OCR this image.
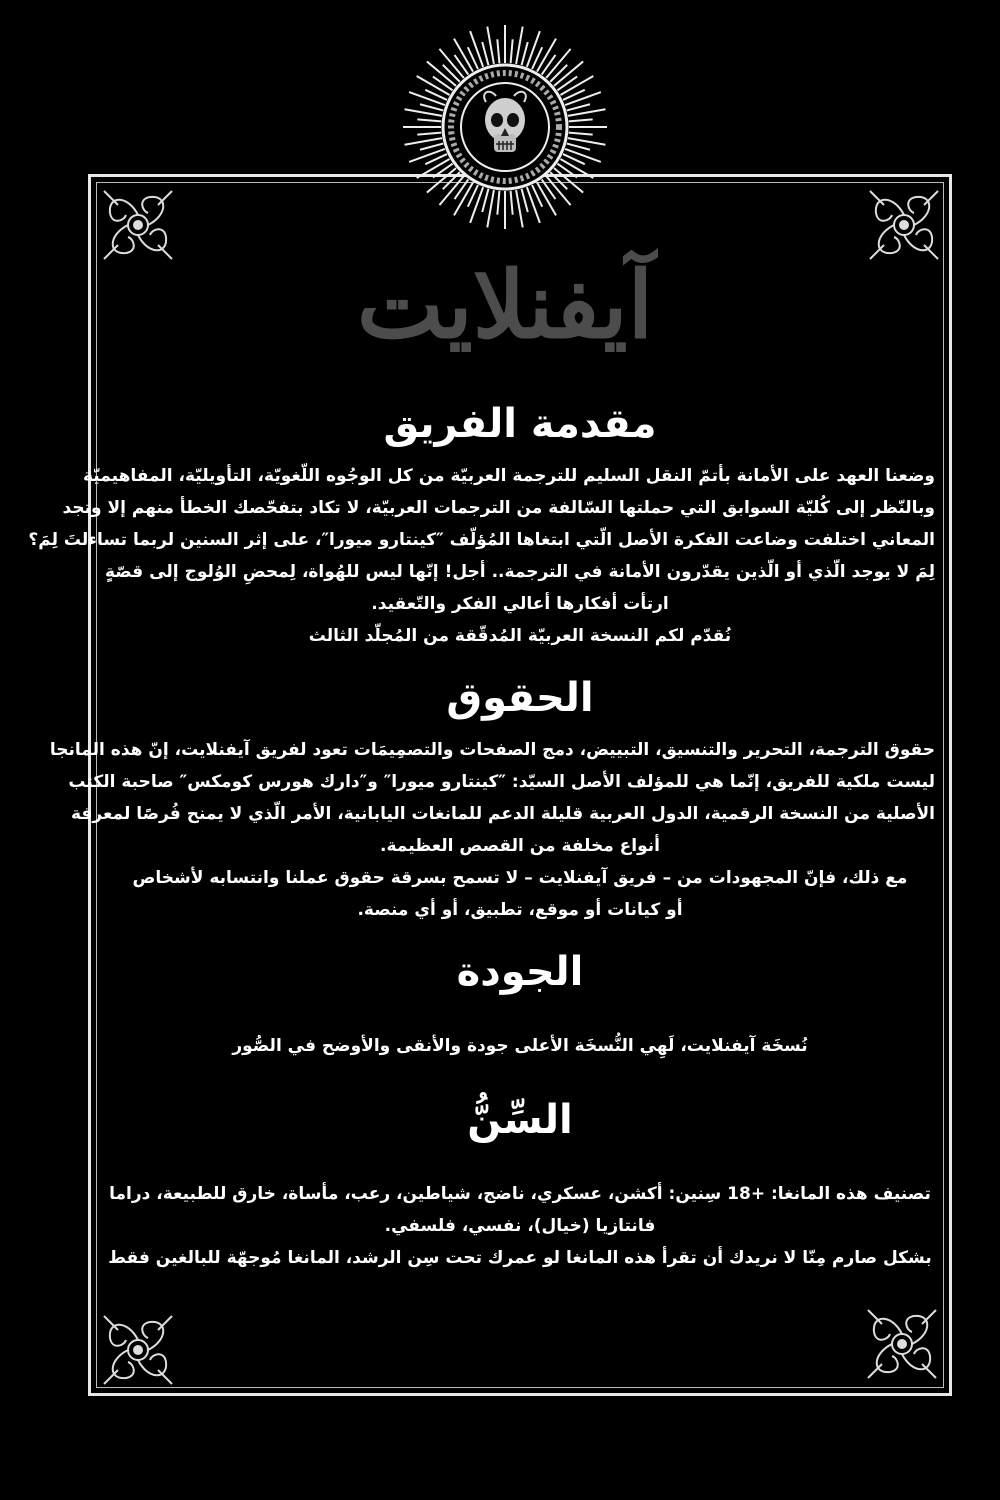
آيفنلايت
مقدمة الفريق
وضعنا العهد على الأمانة بأتمّ النقل السليم للترجمة العربيّة من كل الوجُوه اللّغويّة، التأويليّة، المفاهيميّة
وبالنّظر إلى كُليّة السوابق التي حملتها السّالفة من الترجمات العربيّة، لا تكاد بتفحّصك الخطأ منهم إلا وتجد
المعاني اختلفت وضاعت الفكرة الأصل الّتي ابتغاها المُؤلّف ″كينتارو ميورا″، على إثر السنين لربما تساءلتَ لِمَ؟
لِمَ لا يوجد الّذي أو الّذين يقدّرون الأمانة في الترجمة.. أجل! إنّها ليس للهُواة، لِمحضِ الوُلوج إلى قصّةٍ
ارتأت أفكارها أعالي الفكر والتّعقيد.
نُقدّم لكم النسخة العربيّة المُدقّقة من المُجلّد الثالث
الحقوق
حقوق الترجمة، التحرير والتنسيق، التبييض، دمج الصفحات والتصمِيمَات تعود لفريق آيفنلايت، إنّ هذه المانجا
ليست ملكية للفريق، إنّما هي للمؤلف الأصل السيّد: ″كينتارو ميورا″ و″دارك هورس كومكس″ صاحبة الكتب
الأصلية من النسخة الرقمية، الدول العربية قليلة الدعم للمانغات اليابانية، الأمر الّذي لا يمنح فُرصًا لمعرفة
أنواع مخلفة من القصص العظيمة.
مع ذلك، فإنّ المجهودات من – فريق آيفنلايت – لا تسمح بسرقة حقوق عملنا وانتسابه لأشخاص
أو كيانات أو موقع، تطبيق، أو أي منصة.
الجودة
نُسخَة آيفنلايت، لَهِي النُّسخَة الأعلى جودة والأنقى والأوضح في الصُّور
السِّنُّ
تصنيف هذه المانغا: +18 سِنين: أكشن، عسكري، ناضج، شياطين، رعب، مأساة، خارق للطبيعة، دراما
فانتازيا (خيال)، نفسي، فلسفي.
بشكل صارم مِنّا لا نريدك أن تقرأ هذه المانغا لو عمرك تحت سِن الرشد، المانغا مُوجهّة للبالغين فقط
